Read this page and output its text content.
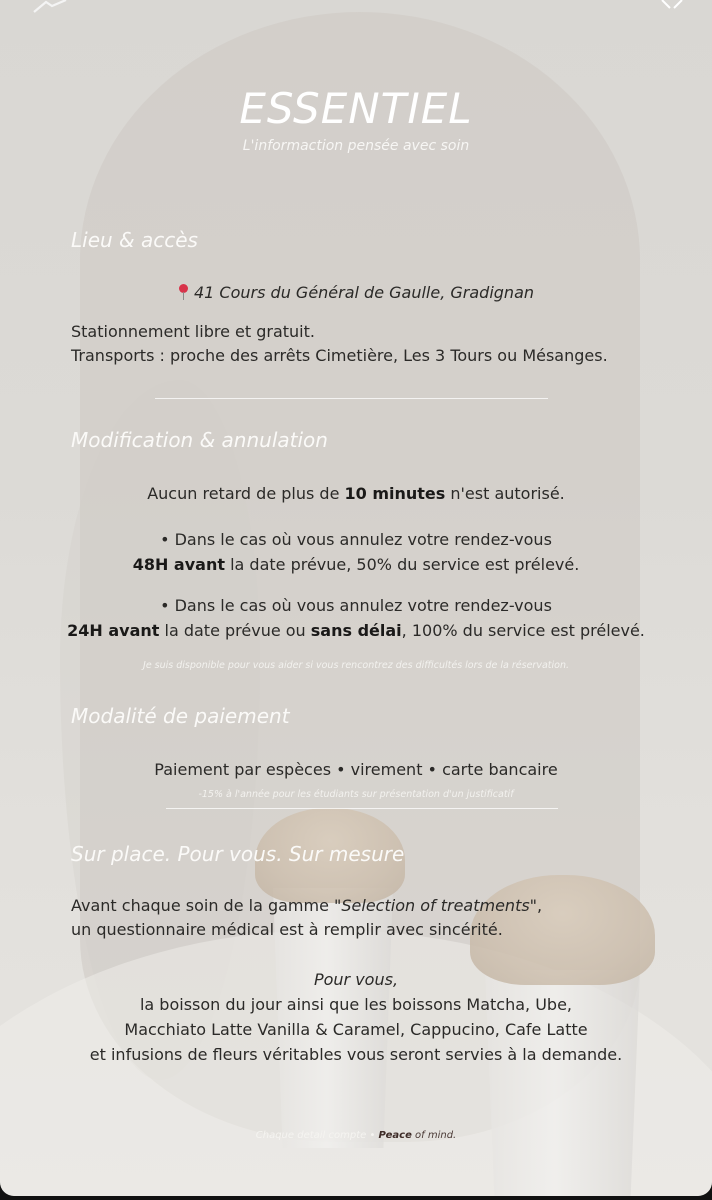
ESSENTIEL
L'informaction pensée avec soin
Lieu & accès
41 Cours du Général de Gaulle, Gradignan
Stationnement libre et gratuit.
Transports : proche des arrêts Cimetière, Les 3 Tours ou Mésanges.
Modification & annulation
Aucun retard de plus de 10 minutes n'est autorisé.
• Dans le cas où vous annulez votre rendez-vous
48H avant la date prévue, 50% du service est prélevé.
• Dans le cas où vous annulez votre rendez-vous
24H avant la date prévue ou sans délai, 100% du service est prélevé.
Je suis disponible pour vous aider si vous rencontrez des difficultés lors de la réservation.
Modalité de paiement
Paiement par espèces • virement • carte bancaire
-15% à l'année pour les étudiants sur présentation d'un justificatif
Sur place. Pour vous. Sur mesure
Avant chaque soin de la gamme "Selection of treatments",
un questionnaire médical est à remplir avec sincérité.
Pour vous,
la boisson du jour ainsi que les boissons Matcha, Ube,
Macchiato Latte Vanilla & Caramel, Cappucino, Cafe Latte
et infusions de fleurs véritables vous seront servies à la demande.
Chaque detail compte • Peace of mind.
